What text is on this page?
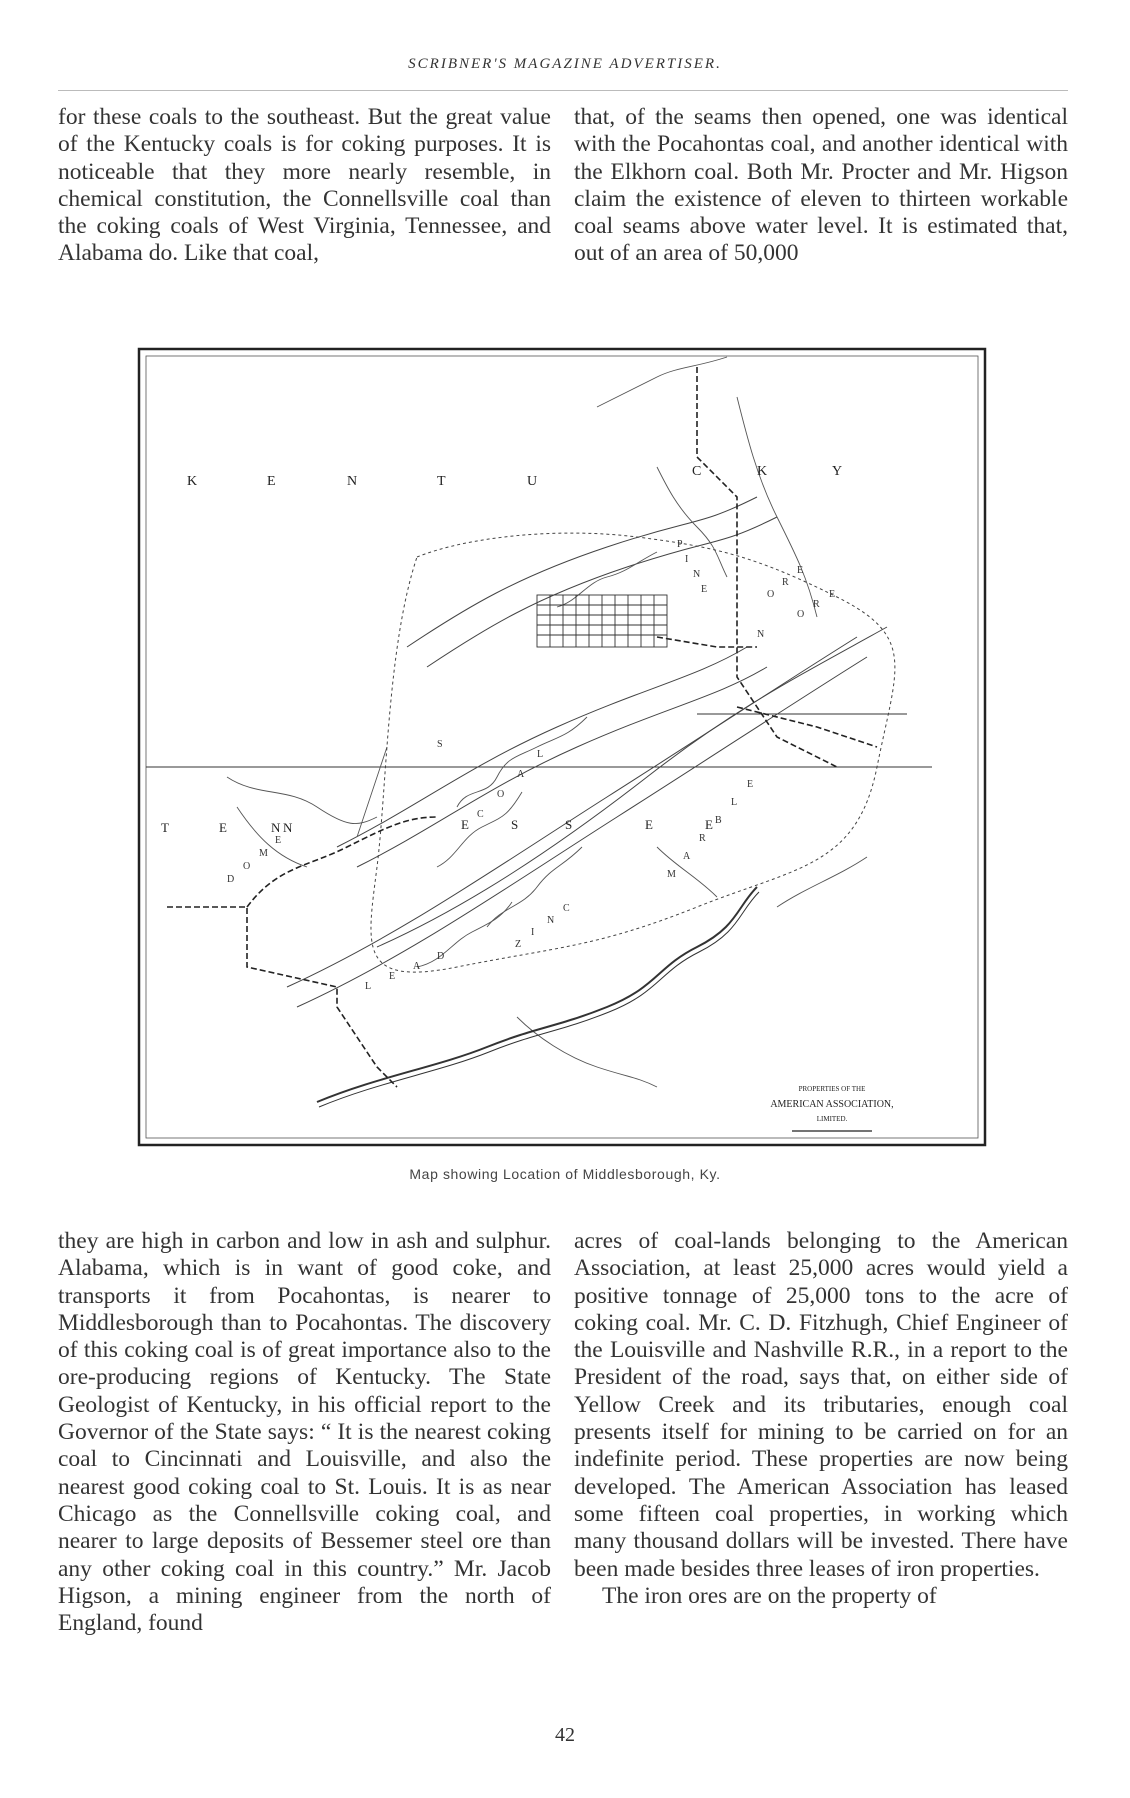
SCRIBNER'S MAGAZINE ADVERTISER.

for these coals to the southeast. But the great value of the Kentucky coals is for coking purposes. It is noticeable that they more nearly resemble, in chemical constitution, the Connellsville coal than the coking coals of West Virginia, Tennessee, and Alabama do. Like that coal,

that, of the seams then opened, one was identical with the Pocahontas coal, and another identical with the Elkhorn coal. Both Mr. Procter and Mr. Higson claim the existence of eleven to thirteen workable coal seams above water level. It is estimated that, out of an area of 50,000

K	E	N	T	U
C	K	Y
T	E	N N	E	S	S	E	E
P
I
N
E	O
R
E
O
R
E
M
A
R
B
L
E
Z
I
N
C
L
E
A
D
C
O
A
L
D
O
M
E
N
S
PROPERTIES OF THE
AMERICAN ASSOCIATION,
LIMITED.
Map showing Location of Middlesborough, Ky.

they are high in carbon and low in ash and sulphur. Alabama, which is in want of good coke, and transports it from Pocahontas, is nearer to Middlesborough than to Pocahontas. The discovery of this coking coal is of great importance also to the ore-producing regions of Kentucky. The State Geologist of Kentucky, in his official report to the Governor of the State says: “ It is the nearest coking coal to Cincinnati and Louisville, and also the nearest good coking coal to St. Louis. It is as near Chicago as the Connellsville coking coal, and nearer to large deposits of Bessemer steel ore than any other coking coal in this country.” Mr. Jacob Higson, a mining engineer from the north of England, found

acres of coal-lands belonging to the American Association, at least 25,000 acres would yield a positive tonnage of 25,000 tons to the acre of coking coal. Mr. C. D. Fitzhugh, Chief Engineer of the Louisville and Nashville R.R., in a report to the President of the road, says that, on either side of Yellow Creek and its tributaries, enough coal presents itself for mining to be carried on for an indefinite period. These properties are now being developed. The American Association has leased some fifteen coal properties, in working which many thousand dollars will be invested. There have been made besides three leases of iron properties.

The iron ores are on the property of

42
